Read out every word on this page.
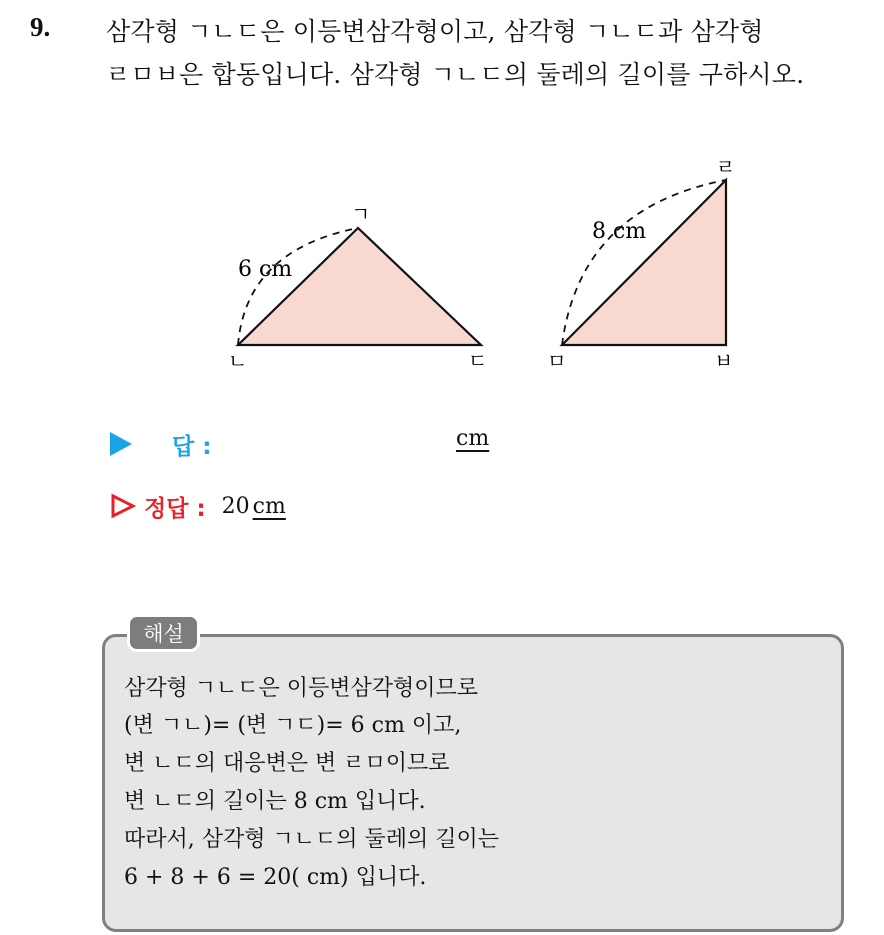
9. 삼각형 ㄱㄴㄷ은 이등변삼각형이고, 삼각형 ㄱㄴㄷ과 삼각형
ㄹㅁㅂ은 합동입니다. 삼각형 ㄱㄴㄷ의 둘레의 길이를 구하시오.
6 cm
ㄱ
ㄴ	ㄷ
8 cm
ㄹ
ㅁ	ㅂ
답 :	cm
정답 : 20 cm
해설
삼각형 ㄱㄴㄷ은 이등변삼각형이므로
(변 ㄱㄴ)= (변 ㄱㄷ)= 6 cm 이고,
변 ㄴㄷ의 대응변은 변 ㄹㅁ이므로
변 ㄴㄷ의 길이는 8 cm 입니다.
따라서, 삼각형 ㄱㄴㄷ의 둘레의 길이는
6 + 8 + 6 = 20( cm) 입니다.
